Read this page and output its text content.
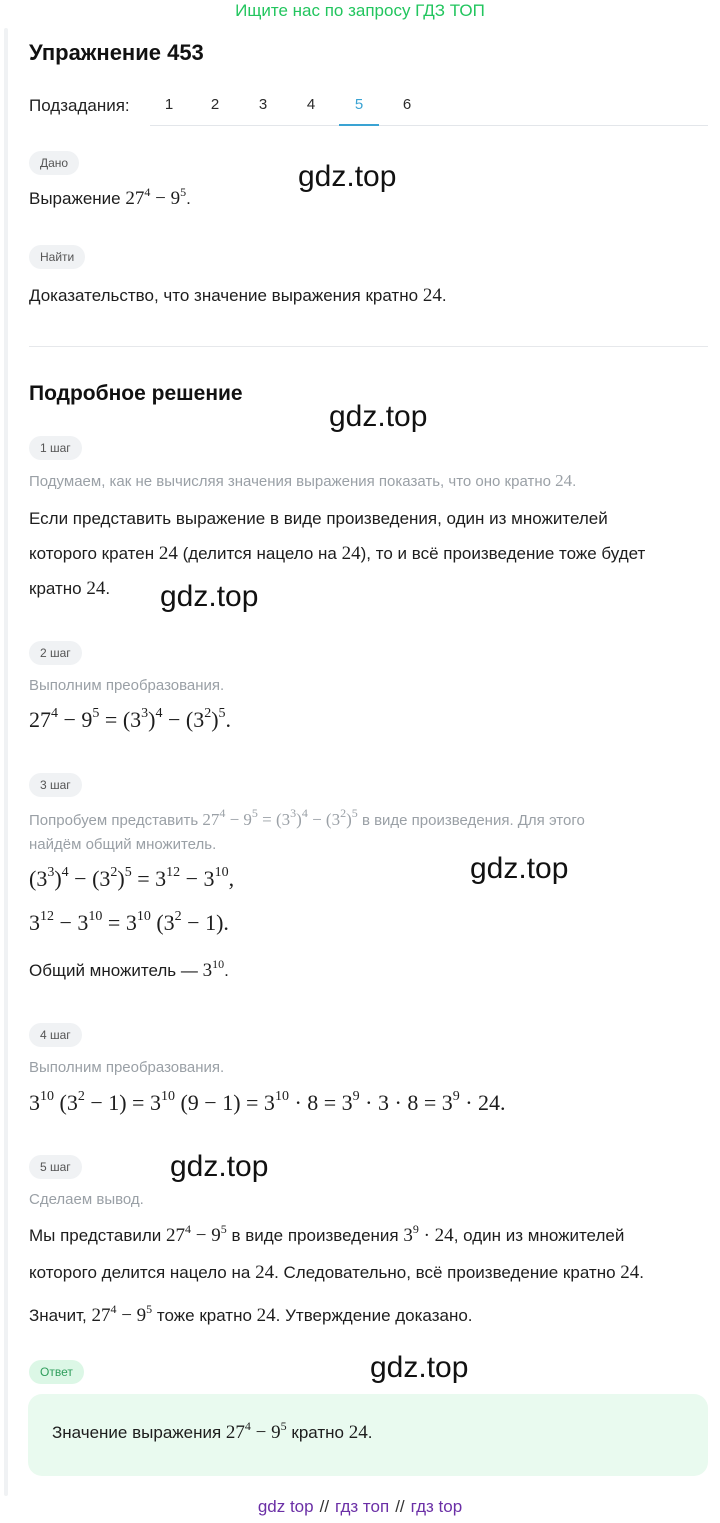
Ищите нас по запросу ГДЗ ТОП
Упражнение 453
Подзадания:	1	2	3	4	5	6
Дано
Выражение $27^4 - 9^5$.
gdz.top
Найти
Доказательство, что значение выражения кратно 24.
Подробное решение
gdz.top
1 шаг
Подумаем, как не вычисляя значения выражения показать, что оно кратно 24.
Если представить выражение в виде произведения, один из множителей
которого кратен 24 (делится нацело на 24), то и всё произведение тоже будет
кратно 24. gdz.top
2 шаг
Выполним преобразования.
$27^4 - 9^5 = (3^3)^4 - (3^2)^5$.
3 шаг
Попробуем представить $27^4 - 9^5 = (3^3)^4 - (3^2)^5$ в виде произведения. Для этого
найдём общий множитель.
$(3^3)^4 - (3^2)^5 = 3^{12} - 3^{10}$,	gdz.top
$3^{12} - 3^{10} = 3^{10}$ $(3^2 - 1)$.
Общий множитель — $3^{10}$.
4 шаг
Выполним преобразования.
$3^{10}$ $(3^2 - 1) = 3^{10}$ $(9 - 1) = 3^{10} \cdot 8 = 3^9 \cdot 3 \cdot 8 = 3^9 \cdot 24$.
5 шаг	gdz.top
Сделаем вывод.
Мы представили $27^4 - 9^5$ в виде произведения $3^9 \cdot 24$, один из множителей
которого делится нацело на 24. Следовательно, всё произведение кратно 24.
Значит, $27^4 - 9^5$ тоже кратно 24. Утверждение доказано.
Ответ	gdz.top
Значение выражения $27^4 - 9^5$ кратно 24.
gdz top // гдз топ // гдз top
